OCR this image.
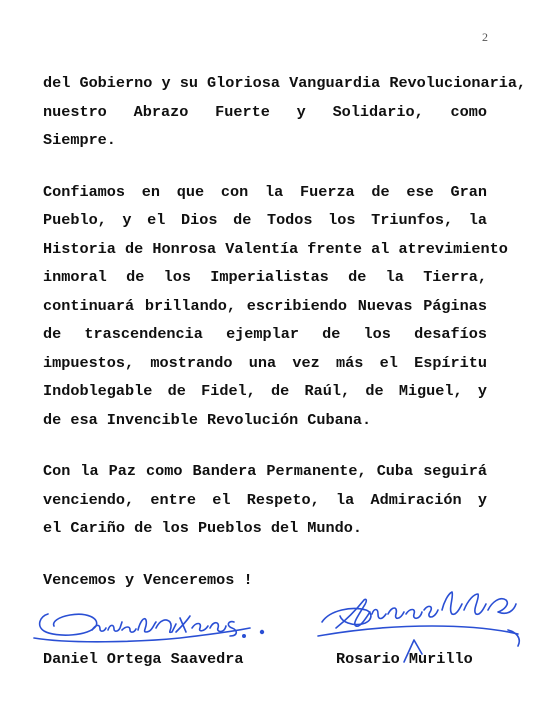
2

del Gobierno y su Gloriosa Vanguardia Revolucionaria,
nuestro Abrazo Fuerte y Solidario, como
Siempre.

Confiamos en que con la Fuerza de ese Gran
Pueblo, y el Dios de Todos los Triunfos, la
Historia de Honrosa Valentía frente al atrevimiento
inmoral de los Imperialistas de la Tierra,
continuará brillando, escribiendo Nuevas Páginas
de trascendencia ejemplar de los desafíos
impuestos, mostrando una vez más el Espíritu
Indoblegable de Fidel, de Raúl, de Miguel, y
de esa Invencible Revolución Cubana.

Con la Paz como Bandera Permanente, Cuba seguirá
venciendo, entre el Respeto, la Admiración y
el Cariño de los Pueblos del Mundo.

Vencemos y Venceremos !

Daniel Ortega Saavedra	Rosario Murillo
